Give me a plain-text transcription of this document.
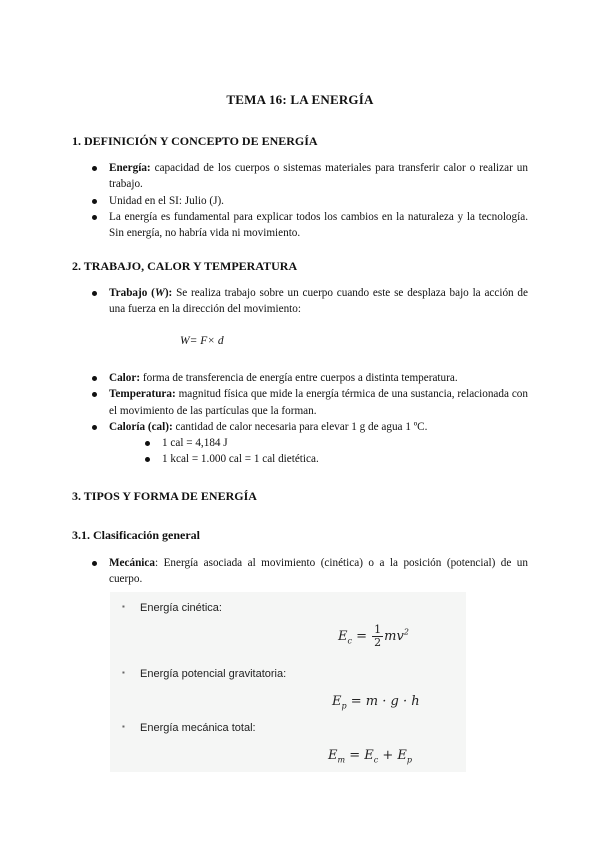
TEMA 16: LA ENERGÍA
1. DEFINICIÓN Y CONCEPTO DE ENERGÍA
Energía: capacidad de los cuerpos o sistemas materiales para transferir calor o realizar un trabajo.
Unidad en el SI: Julio (J).
La energía es fundamental para explicar todos los cambios en la naturaleza y la tecnología. Sin energía, no habría vida ni movimiento.
2. TRABAJO, CALOR Y TEMPERATURA
Trabajo (W): Se realiza trabajo sobre un cuerpo cuando este se desplaza bajo la acción de una fuerza en la dirección del movimiento:
W= F× d
Calor: forma de transferencia de energía entre cuerpos a distinta temperatura.
Temperatura: magnitud física que mide la energía térmica de una sustancia, relacionada con el movimiento de las partículas que la forman.
Caloría (cal): cantidad de calor necesaria para elevar 1 g de agua 1 ºC.
1 cal = 4,184 J
1 kcal = 1.000 cal = 1 cal dietética.
3. TIPOS Y FORMA DE ENERGÍA
3.1. Clasificación general
Mecánica: Energía asociada al movimiento (cinética) o a la posición (potencial) de un cuerpo.
▪ Energía cinética:
$E_c = \frac{1}{2} mv^2$
▪ Energía potencial gravitatoria:
$E_p = m \cdot g \cdot h$
▪ Energía mecánica total:
$E_m = E_c + E_p$
